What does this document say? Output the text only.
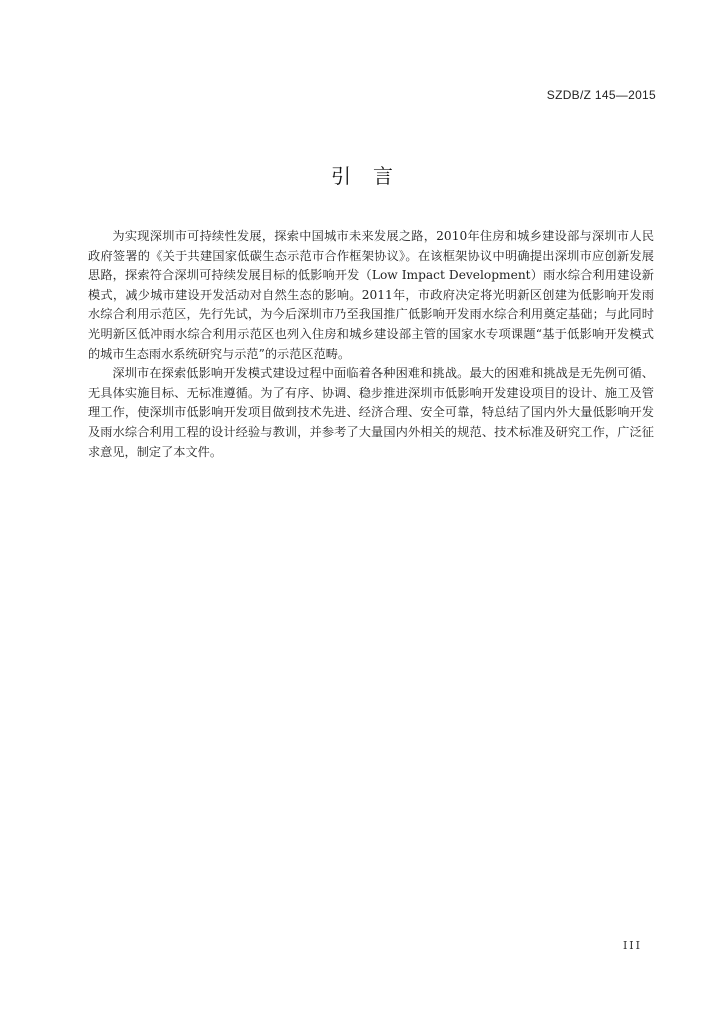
SZDB/Z 145—2015
引言

为实现深圳市可持续性发展，探索中国城市未来发展之路，2010年住房和城乡建设部与深圳市人民政府签署的《关于共建国家低碳生态示范市合作框架协议》。在该框架协议中明确提出深圳市应创新发展思路，探索符合深圳可持续发展目标的低影响开发（Low Impact Development）雨水综合利用建设新模式，减少城市建设开发活动对自然生态的影响。2011年，市政府决定将光明新区创建为低影响开发雨水综合利用示范区，先行先试，为今后深圳市乃至我国推广低影响开发雨水综合利用奠定基础；与此同时光明新区低冲雨水综合利用示范区也列入住房和城乡建设部主管的国家水专项课题“基于低影响开发模式的城市生态雨水系统研究与示范”的示范区范畴。

深圳市在探索低影响开发模式建设过程中面临着各种困难和挑战。最大的困难和挑战是无先例可循、无具体实施目标、无标准遵循。为了有序、协调、稳步推进深圳市低影响开发建设项目的设计、施工及管理工作，使深圳市低影响开发项目做到技术先进、经济合理、安全可靠，特总结了国内外大量低影响开发及雨水综合利用工程的设计经验与教训，并参考了大量国内外相关的规范、技术标准及研究工作，广泛征求意见，制定了本文件。

III
